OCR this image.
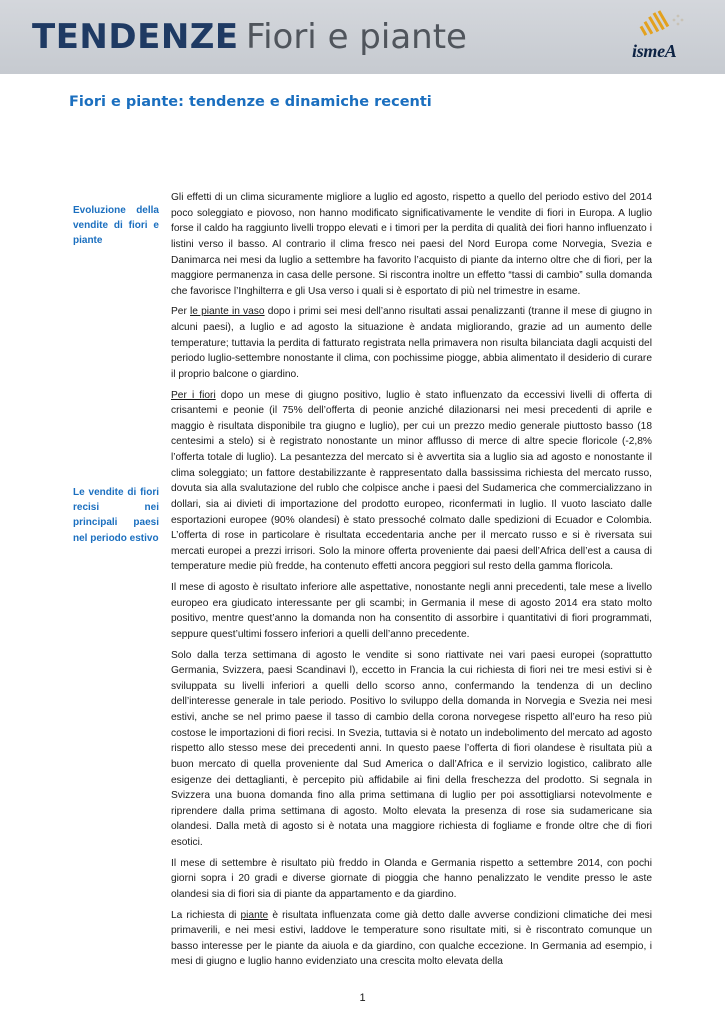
TENDENZE Fiori e piante	ismeA
Fiori e piante: tendenze e dinamiche recenti
Evoluzione della vendite di fiori e piante
Le vendite di fiori recisi nei principali paesi nel periodo estivo

Gli effetti di un clima sicuramente migliore a luglio ed agosto, rispetto a quello del periodo estivo del 2014 poco soleggiato e piovoso, non hanno modificato significativamente le vendite di fiori in Europa. A luglio forse il caldo ha raggiunto livelli troppo elevati e i timori per la perdita di qualità dei fiori hanno influenzato i listini verso il basso. Al contrario il clima fresco nei paesi del Nord Europa come Norvegia, Svezia e Danimarca nei mesi da luglio a settembre ha favorito l’acquisto di piante da interno oltre che di fiori, per la maggiore permanenza in casa delle persone. Si riscontra inoltre un effetto “tassi di cambio” sulla domanda che favorisce l’Inghilterra e gli Usa verso i quali si è esportato di più nel trimestre in esame.

Per le piante in vaso dopo i primi sei mesi dell’anno risultati assai penalizzanti (tranne il mese di giugno in alcuni paesi), a luglio e ad agosto la situazione è andata migliorando, grazie ad un aumento delle temperature; tuttavia la perdita di fatturato registrata nella primavera non risulta bilanciata dagli acquisti del periodo luglio-settembre nonostante il clima, con pochissime piogge, abbia alimentato il desiderio di curare il proprio balcone o giardino.

Per i fiori dopo un mese di giugno positivo, luglio è stato influenzato da eccessivi livelli di offerta di crisantemi e peonie (il 75% dell’offerta di peonie anziché dilazionarsi nei mesi precedenti di aprile e maggio è risultata disponibile tra giugno e luglio), per cui un prezzo medio generale piuttosto basso (18 centesimi a stelo) si è registrato nonostante un minor afflusso di merce di altre specie floricole (-2,8% l’offerta totale di luglio). La pesantezza del mercato si è avvertita sia a luglio sia ad agosto e nonostante il clima soleggiato; un fattore destabilizzante è rappresentato dalla bassissima richiesta del mercato russo, dovuta sia alla svalutazione del rublo che colpisce anche i paesi del Sudamerica che commercializzano in dollari, sia ai divieti di importazione del prodotto europeo, riconfermati in luglio. Il vuoto lasciato dalle esportazioni europee (90% olandesi) è stato pressoché colmato dalle spedizioni di Ecuador e Colombia. L’offerta di rose in particolare è risultata eccedentaria anche per il mercato russo e si è riversata sui mercati europei a prezzi irrisori. Solo la minore offerta proveniente dai paesi dell’Africa dell’est a causa di temperature medie più fredde, ha contenuto effetti ancora peggiori sul resto della gamma floricola.

Il mese di agosto è risultato inferiore alle aspettative, nonostante negli anni precedenti, tale mese a livello europeo era giudicato interessante per gli scambi; in Germania il mese di agosto 2014 era stato molto positivo, mentre quest’anno la domanda non ha consentito di assorbire i quantitativi di fiori programmati, seppure quest’ultimi fossero inferiori a quelli dell’anno precedente.

Solo dalla terza settimana di agosto le vendite si sono riattivate nei vari paesi europei (soprattutto Germania, Svizzera, paesi Scandinavi l), eccetto in Francia la cui richiesta di fiori nei tre mesi estivi si è sviluppata su livelli inferiori a quelli dello scorso anno, confermando la tendenza di un declino dell’interesse generale in tale periodo. Positivo lo sviluppo della domanda in Norvegia e Svezia nei mesi estivi, anche se nel primo paese il tasso di cambio della corona norvegese rispetto all’euro ha reso più costose le importazioni di fiori recisi. In Svezia, tuttavia si è notato un indebolimento del mercato ad agosto rispetto allo stesso mese dei precedenti anni. In questo paese l’offerta di fiori olandese è risultata più a buon mercato di quella proveniente dal Sud America o dall’Africa e il servizio logistico, calibrato alle esigenze dei dettaglianti, è percepito più affidabile ai fini della freschezza del prodotto. Si segnala in Svizzera una buona domanda fino alla prima settimana di luglio per poi assottigliarsi notevolmente e riprendere dalla prima settimana di agosto. Molto elevata la presenza di rose sia sudamericane sia olandesi. Dalla metà di agosto si è notata una maggiore richiesta di fogliame e fronde oltre che di fiori esotici.

Il mese di settembre è risultato più freddo in Olanda e Germania rispetto a settembre 2014, con pochi giorni sopra i 20 gradi e diverse giornate di pioggia che hanno penalizzato le vendite presso le aste olandesi sia di fiori sia di piante da appartamento e da giardino.

La richiesta di piante è risultata influenzata come già detto dalle avverse condizioni climatiche dei mesi primaverili, e nei mesi estivi, laddove le temperature sono risultate miti, si è riscontrato comunque un basso interesse per le piante da aiuola e da giardino, con qualche eccezione. In Germania ad esempio, i mesi di giugno e luglio hanno evidenziato una crescita molto elevata della

1
